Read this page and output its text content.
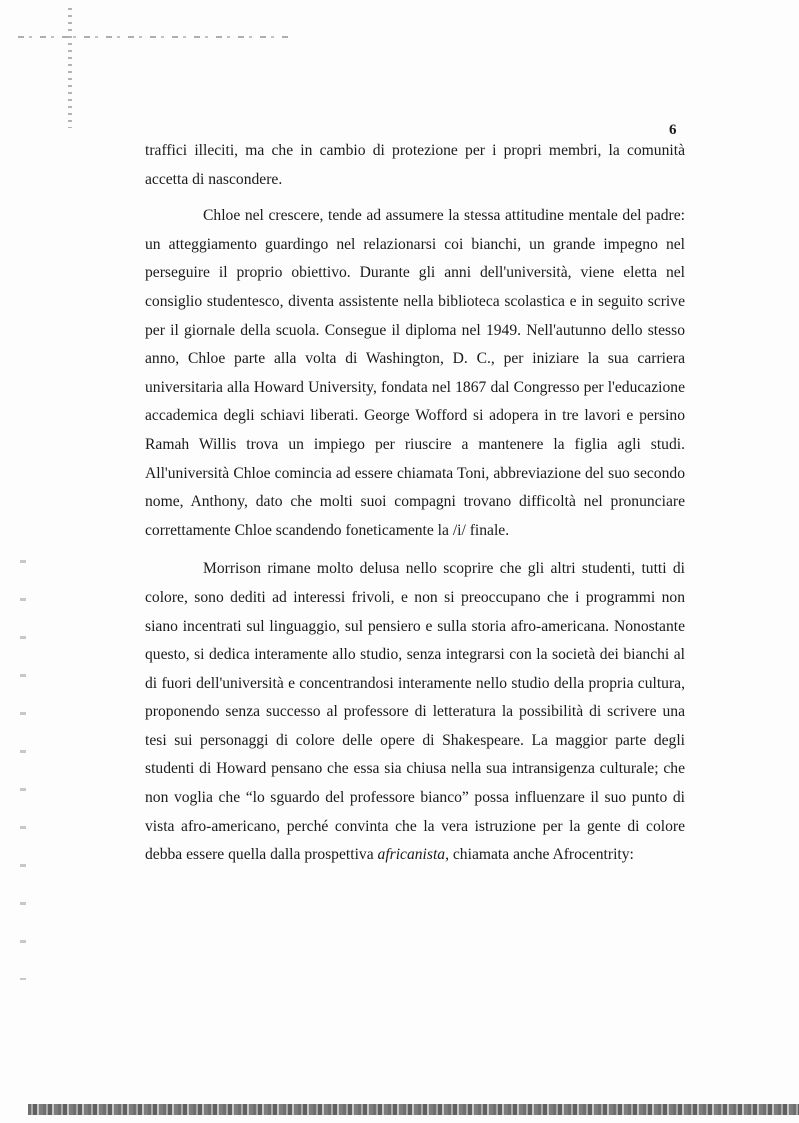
6

traffici illeciti, ma che in cambio di protezione per i propri membri, la comunità accetta di nascondere.

Chloe nel crescere, tende ad assumere la stessa attitudine mentale del padre: un atteggiamento guardingo nel relazionarsi coi bianchi, un grande impegno nel perseguire il proprio obiettivo. Durante gli anni dell'università, viene eletta nel consiglio studentesco, diventa assistente nella biblioteca scolastica e in seguito scrive per il giornale della scuola. Consegue il diploma nel 1949. Nell'autunno dello stesso anno, Chloe parte alla volta di Washington, D. C., per iniziare la sua carriera universitaria alla Howard University, fondata nel 1867 dal Congresso per l'educazione accademica degli schiavi liberati. George Wofford si adopera in tre lavori e persino Ramah Willis trova un impiego per riuscire a mantenere la figlia agli studi. All'università Chloe comincia ad essere chiamata Toni, abbreviazione del suo secondo nome, Anthony, dato che molti suoi compagni trovano difficoltà nel pronunciare correttamente Chloe scandendo foneticamente la /i/ finale.

Morrison rimane molto delusa nello scoprire che gli altri studenti, tutti di colore, sono dediti ad interessi frivoli, e non si preoccupano che i programmi non siano incentrati sul linguaggio, sul pensiero e sulla storia afro-americana. Nonostante questo, si dedica interamente allo studio, senza integrarsi con la società dei bianchi al di fuori dell'università e concentrandosi interamente nello studio della propria cultura, proponendo senza successo al professore di letteratura la possibilità di scrivere una tesi sui personaggi di colore delle opere di Shakespeare. La maggior parte degli studenti di Howard pensano che essa sia chiusa nella sua intransigenza culturale; che non voglia che “lo sguardo del professore bianco” possa influenzare il suo punto di vista afro-americano, perché convinta che la vera istruzione per la gente di colore debba essere quella dalla prospettiva africanista, chiamata anche Afrocentrity:
